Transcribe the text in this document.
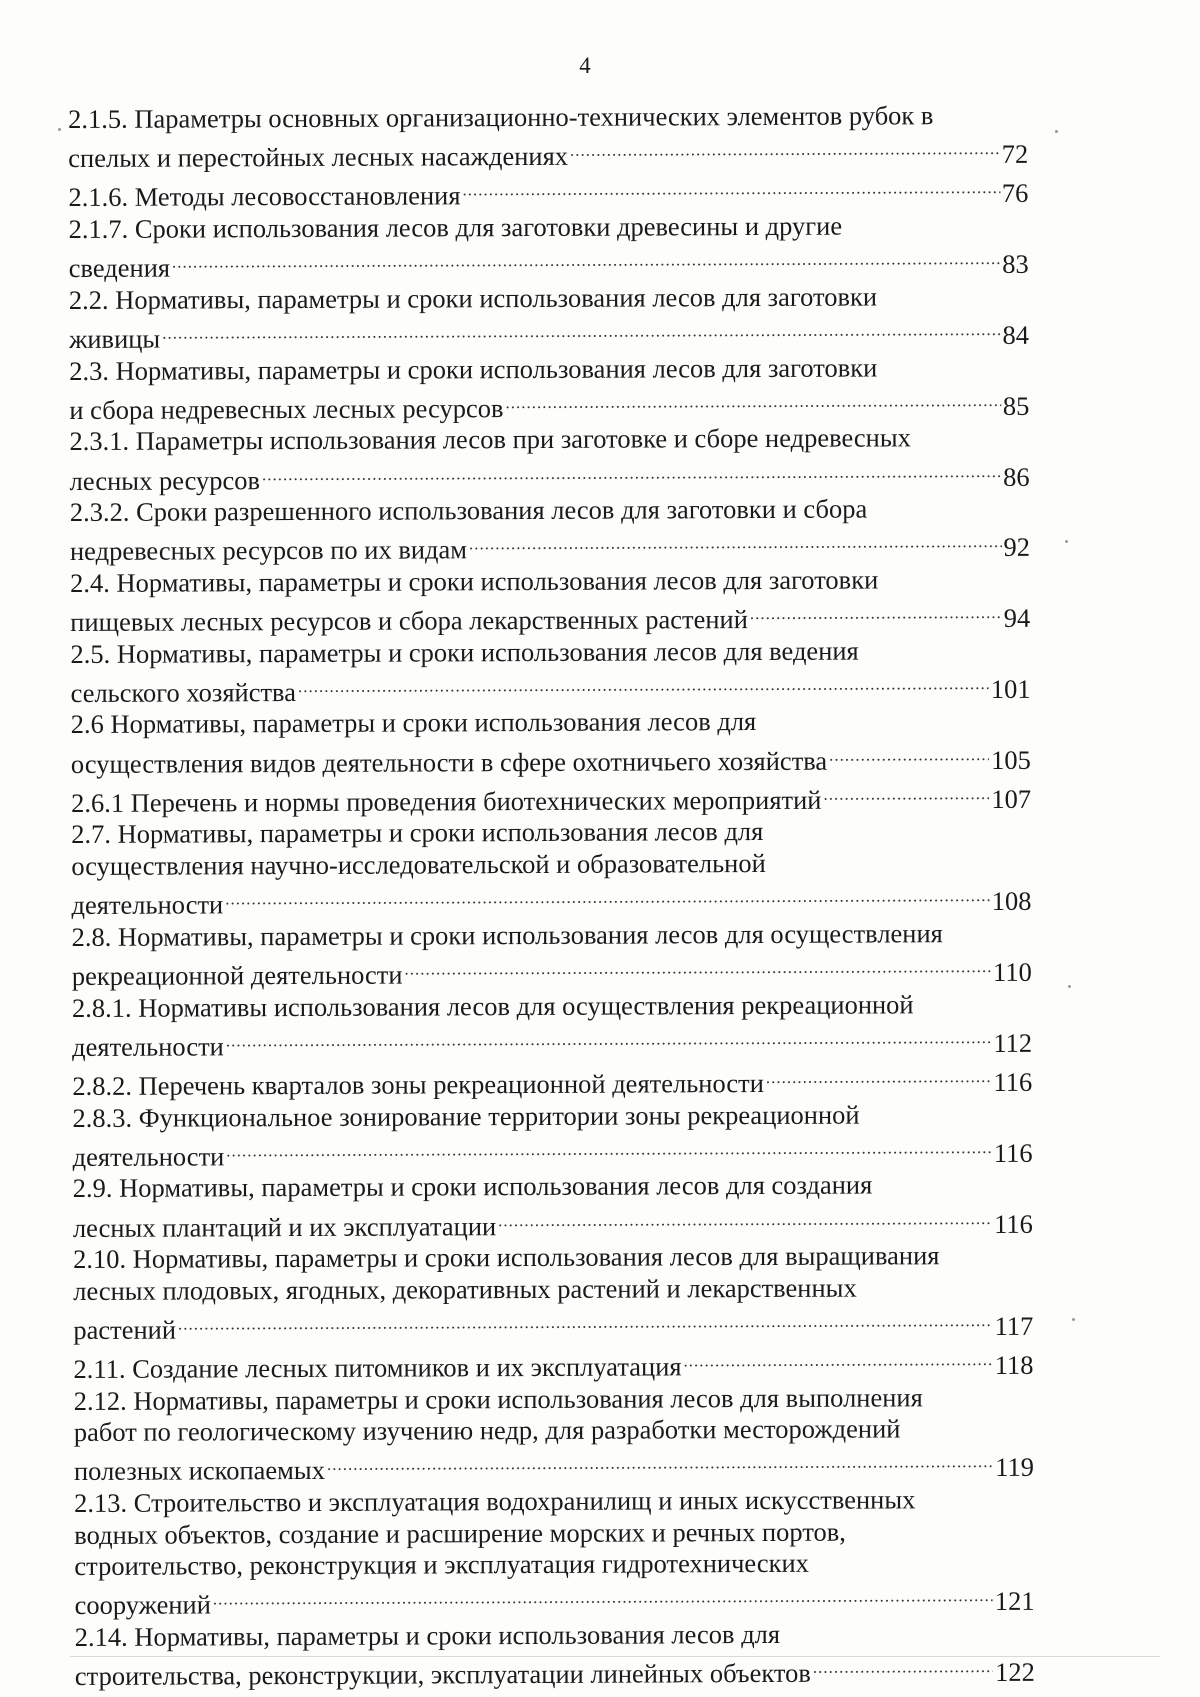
4
2.1.5. Параметры основных организационно-технических элементов рубок в
спелых и перестойных лесных насаждениях .....	72
2.1.6. Методы лесовосстановления .....	76
2.1.7. Сроки использования лесов для заготовки древесины и другие
сведения .....	83
2.2. Нормативы, параметры и сроки использования лесов для заготовки
живицы .....	84
2.3. Нормативы, параметры и сроки использования лесов для заготовки
и сбора недревесных лесных ресурсов .....	85
2.3.1. Параметры использования лесов при заготовке и сборе недревесных
лесных ресурсов .....	86
2.3.2. Сроки разрешенного использования лесов для заготовки и сбора
недревесных ресурсов по их видам .....	92
2.4. Нормативы, параметры и сроки использования лесов для заготовки
пищевых лесных ресурсов и сбора лекарственных растений .....	94
2.5. Нормативы, параметры и сроки использования лесов для ведения
сельского хозяйства .....	101
2.6 Нормативы, параметры и сроки использования лесов для
осуществления видов деятельности в сфере охотничьего хозяйства .....	105
2.6.1 Перечень и нормы проведения биотехнических мероприятий .....	107
2.7. Нормативы, параметры и сроки использования лесов для
осуществления научно-исследовательской и образовательной
деятельности .....	108
2.8. Нормативы, параметры и сроки использования лесов для осуществления
рекреационной деятельности .....	110
2.8.1. Нормативы использования лесов для осуществления рекреационной
деятельности .....	112
2.8.2. Перечень кварталов зоны рекреационной деятельности .....	116
2.8.3. Функциональное зонирование территории зоны рекреационной
деятельности .....	116
2.9. Нормативы, параметры и сроки использования лесов для создания
лесных плантаций и их эксплуатации .....	116
2.10. Нормативы, параметры и сроки использования лесов для выращивания
лесных плодовых, ягодных, декоративных растений и лекарственных
растений .....	117
2.11. Создание лесных питомников и их эксплуатация .....	118
2.12. Нормативы, параметры и сроки использования лесов для выполнения
работ по геологическому изучению недр, для разработки месторождений
полезных ископаемых .....	119
2.13. Строительство и эксплуатация водохранилищ и иных искусственных
водных объектов, создание и расширение морских и речных портов,
строительство, реконструкция и эксплуатация гидротехнических
сооружений .....	121
2.14. Нормативы, параметры и сроки использования лесов для
строительства, реконструкции, эксплуатации линейных объектов .....	122
